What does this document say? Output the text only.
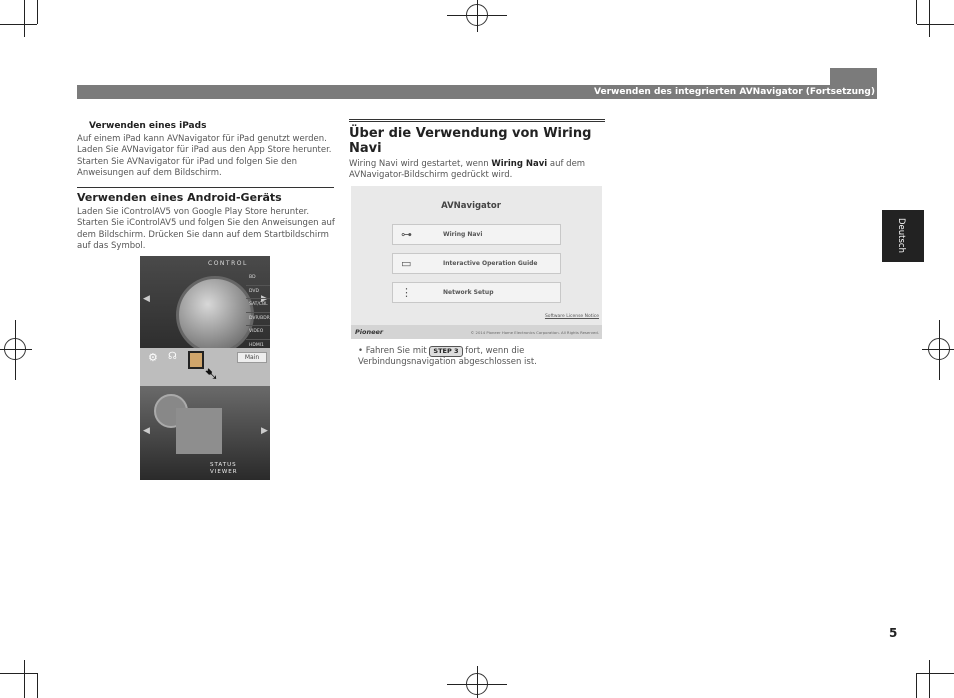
Verwenden des integrierten AVNavigator (Fortsetzung)
Verwenden eines iPads
Auf einem iPad kann AVNavigator für iPad genutzt werden. Laden Sie AVNavigator für iPad aus den App Store herunter. Starten Sie AVNavigator für iPad und folgen Sie den Anweisungen auf dem Bildschirm.
Verwenden eines Android-Geräts
Laden Sie iControlAV5 von Google Play Store herunter. Starten Sie iControlAV5 und folgen Sie den Anweisungen auf dem Bildschirm. Drücken Sie dann auf dem Startbildschirm auf das Symbol.
CONTROL
◀	▶
BD
DVD
SAT/CBL
DVR/BDR
VIDEO
HDMI1
⚙ ☊
➷
Main
◀	▶
STATUS VIEWER
Über die Verwendung von Wiring Navi
Wiring Navi wird gestartet, wenn Wiring Navi auf dem AVNavigator-Bildschirm gedrückt wird.
AVNavigator
⊶	Wiring Navi
▭	Interactive Operation Guide
⋮	Network Setup
Software License Notice
Pioneer	© 2014 Pioneer Home Electronics Corporation. All Rights Reserved.
• Fahren Sie mit STEP 3 fort, wenn die Verbindungsnavigation abgeschlossen ist.
Deutsch
5
